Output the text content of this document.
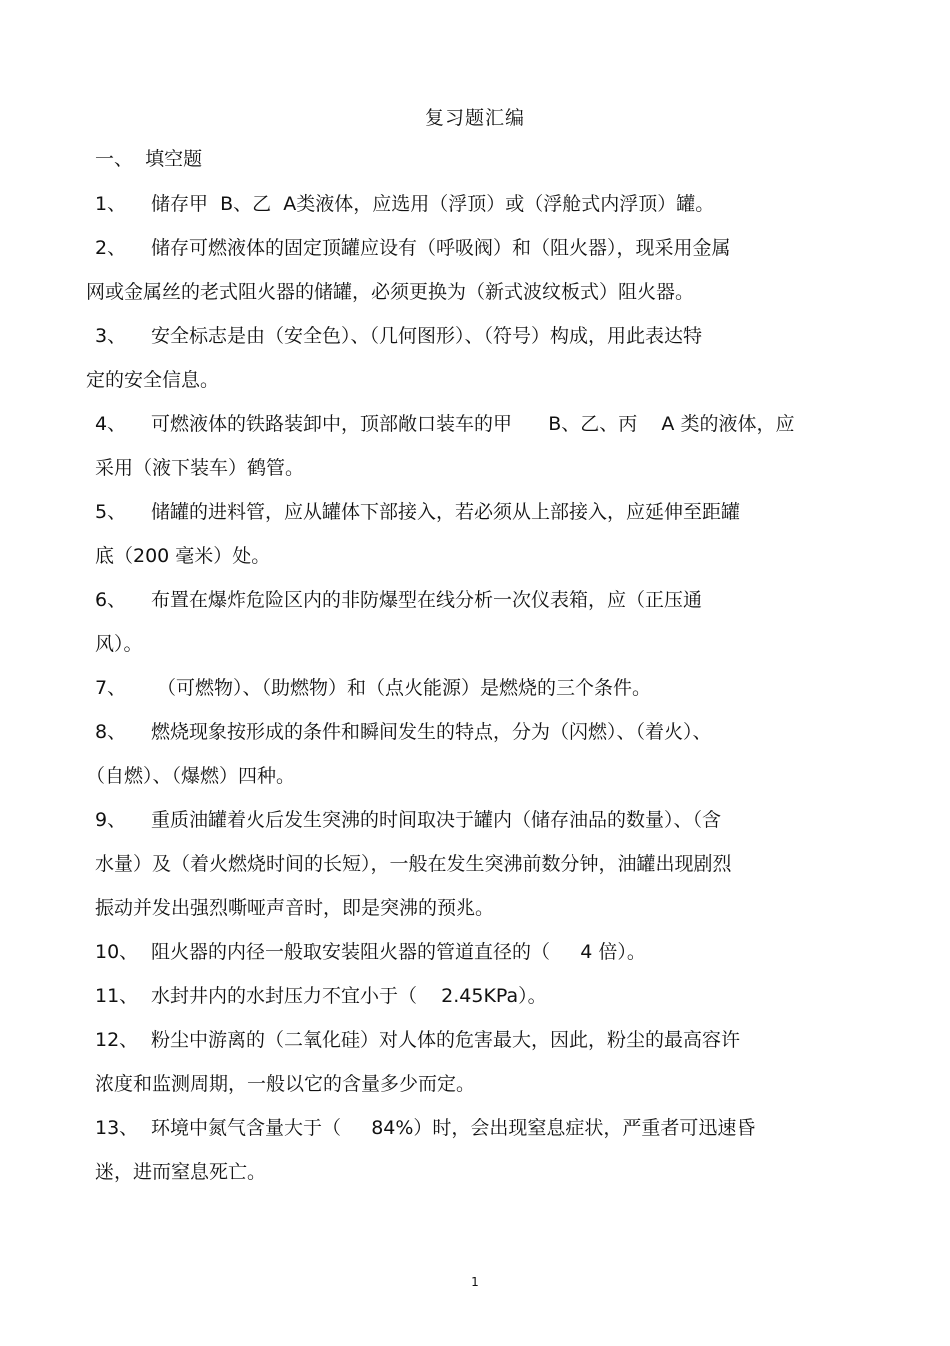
复习题汇编
一、  填空题
1、 储存甲  B、乙  A类液体，应选用（浮顶）或（浮舱式内浮顶）罐。
2、 储存可燃液体的固定顶罐应设有（呼吸阀）和（阻火器），现采用金属
网或金属丝的老式阻火器的储罐，必须更换为（新式波纹板式）阻火器。
3、 安全标志是由（安全色）、（几何图形）、（符号）构成，用此表达特
定的安全信息。
4、 可燃液体的铁路装卸中，顶部敞口装车的甲      B、乙、丙    A 类的液体，应
采用（液下装车）鹤管。
5、 储罐的进料管，应从罐体下部接入，若必须从上部接入，应延伸至距罐
底（200 毫米）处。
6、 布置在爆炸危险区内的非防爆型在线分析一次仪表箱，应（正压通
风）。
7、 （可燃物）、（助燃物）和（点火能源）是燃烧的三个条件。
8、 燃烧现象按形成的条件和瞬间发生的特点，分为（闪燃）、（着火）、
（自燃）、（爆燃）四种。
9、 重质油罐着火后发生突沸的时间取决于罐内（储存油品的数量）、（含
水量）及（着火燃烧时间的长短），一般在发生突沸前数分钟，油罐出现剧烈
振动并发出强烈嘶哑声音时，即是突沸的预兆。
10、 阻火器的内径一般取安装阻火器的管道直径的（     4 倍）。
11、 水封井内的水封压力不宜小于（    2.45KPa）。
12、 粉尘中游离的（二氧化硅）对人体的危害最大，因此，粉尘的最高容许
浓度和监测周期，一般以它的含量多少而定。
13、 环境中氮气含量大于（     84%）时，会出现窒息症状，严重者可迅速昏
迷，进而窒息死亡。
1
